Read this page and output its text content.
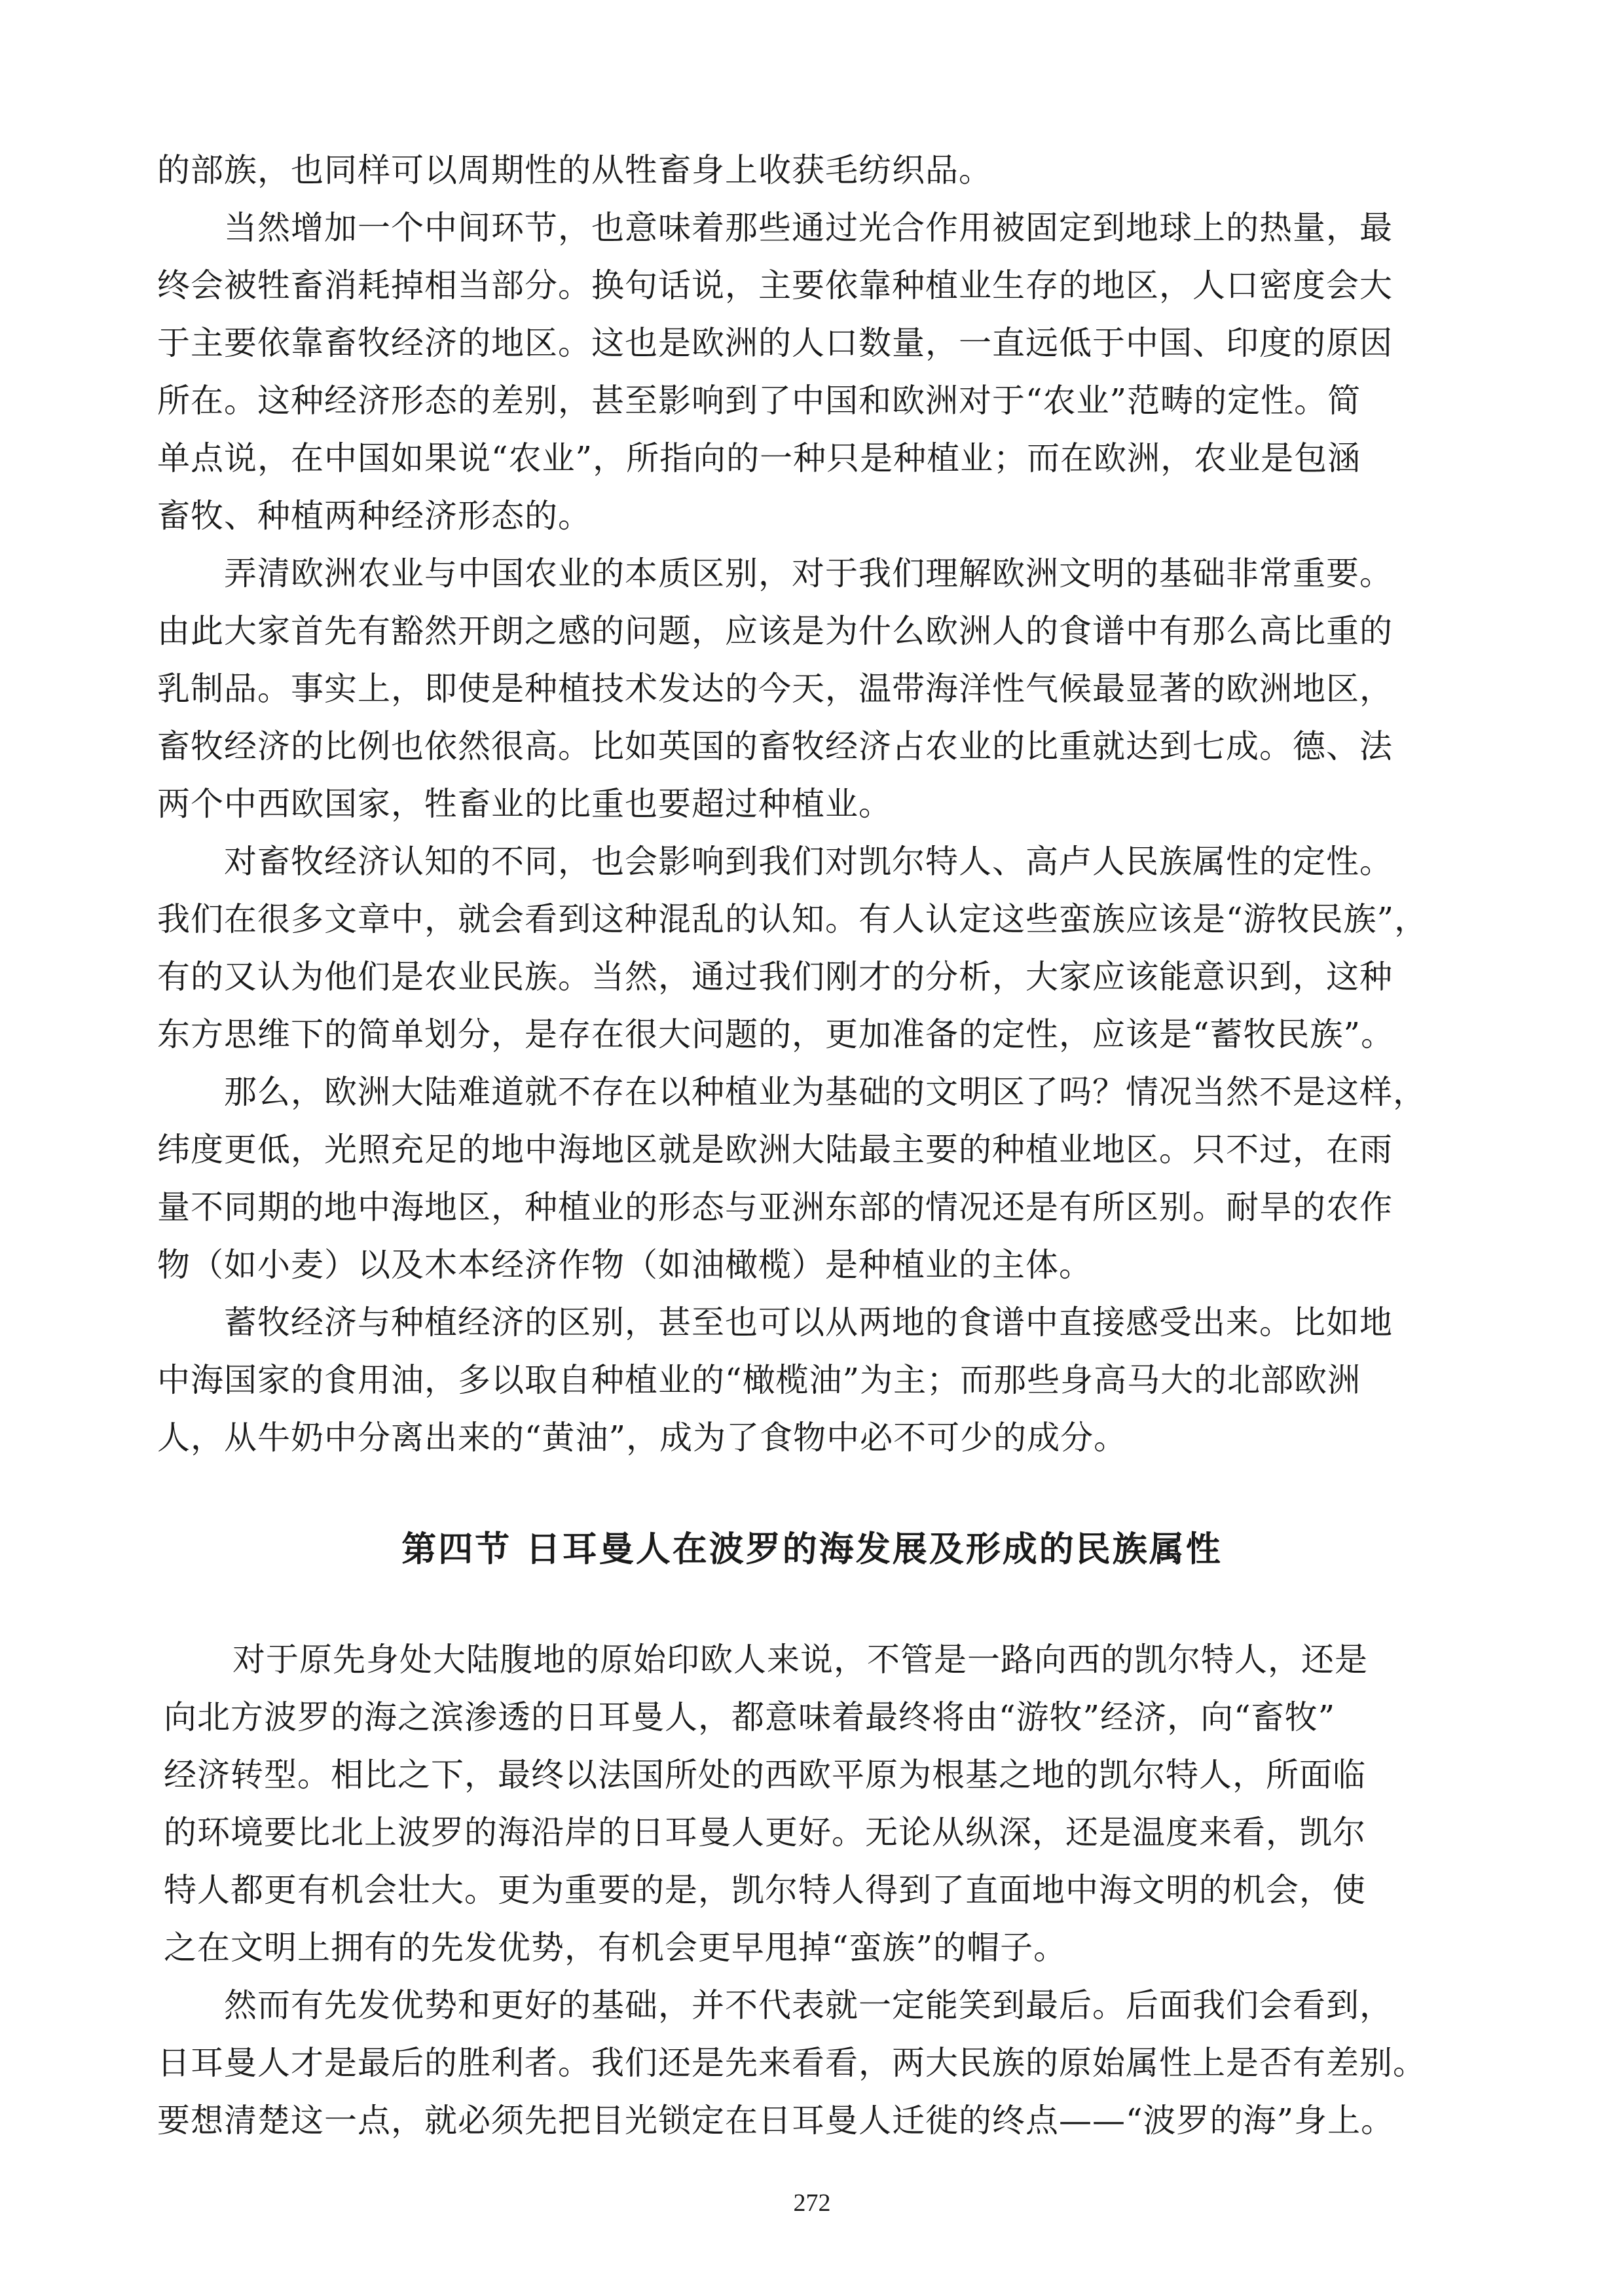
的部族，也同样可以周期性的从牲畜身上收获毛纺织品。
当然增加一个中间环节，也意味着那些通过光合作用被固定到地球上的热量，最
终会被牲畜消耗掉相当部分。换句话说，主要依靠种植业生存的地区，人口密度会大
于主要依靠畜牧经济的地区。这也是欧洲的人口数量，一直远低于中国、印度的原因
所在。这种经济形态的差别，甚至影响到了中国和欧洲对于“农业”范畴的定性。简
单点说，在中国如果说“农业”，所指向的一种只是种植业；而在欧洲，农业是包涵
畜牧、种植两种经济形态的。
弄清欧洲农业与中国农业的本质区别，对于我们理解欧洲文明的基础非常重要。
由此大家首先有豁然开朗之感的问题，应该是为什么欧洲人的食谱中有那么高比重的
乳制品。事实上，即使是种植技术发达的今天，温带海洋性气候最显著的欧洲地区，
畜牧经济的比例也依然很高。比如英国的畜牧经济占农业的比重就达到七成。德、法
两个中西欧国家，牲畜业的比重也要超过种植业。
对畜牧经济认知的不同，也会影响到我们对凯尔特人、高卢人民族属性的定性。
我们在很多文章中，就会看到这种混乱的认知。有人认定这些蛮族应该是“游牧民族”，
有的又认为他们是农业民族。当然，通过我们刚才的分析，大家应该能意识到，这种
东方思维下的简单划分，是存在很大问题的，更加准备的定性，应该是“蓄牧民族”。
那么，欧洲大陆难道就不存在以种植业为基础的文明区了吗？情况当然不是这样，
纬度更低，光照充足的地中海地区就是欧洲大陆最主要的种植业地区。只不过，在雨
量不同期的地中海地区，种植业的形态与亚洲东部的情况还是有所区别。耐旱的农作
物（如小麦）以及木本经济作物（如油橄榄）是种植业的主体。
蓄牧经济与种植经济的区别，甚至也可以从两地的食谱中直接感受出来。比如地
中海国家的食用油，多以取自种植业的“橄榄油”为主；而那些身高马大的北部欧洲
人，从牛奶中分离出来的“黄油”，成为了食物中必不可少的成分。
第四节 日耳曼人在波罗的海发展及形成的民族属性
对于原先身处大陆腹地的原始印欧人来说，不管是一路向西的凯尔特人，还是
向北方波罗的海之滨渗透的日耳曼人，都意味着最终将由“游牧”经济，向“畜牧”
经济转型。相比之下，最终以法国所处的西欧平原为根基之地的凯尔特人，所面临
的环境要比北上波罗的海沿岸的日耳曼人更好。无论从纵深，还是温度来看，凯尔
特人都更有机会壮大。更为重要的是，凯尔特人得到了直面地中海文明的机会，使
之在文明上拥有的先发优势，有机会更早甩掉“蛮族”的帽子。
然而有先发优势和更好的基础，并不代表就一定能笑到最后。后面我们会看到，
日耳曼人才是最后的胜利者。我们还是先来看看，两大民族的原始属性上是否有差别。
要想清楚这一点，就必须先把目光锁定在日耳曼人迁徙的终点——“波罗的海”身上。
272
